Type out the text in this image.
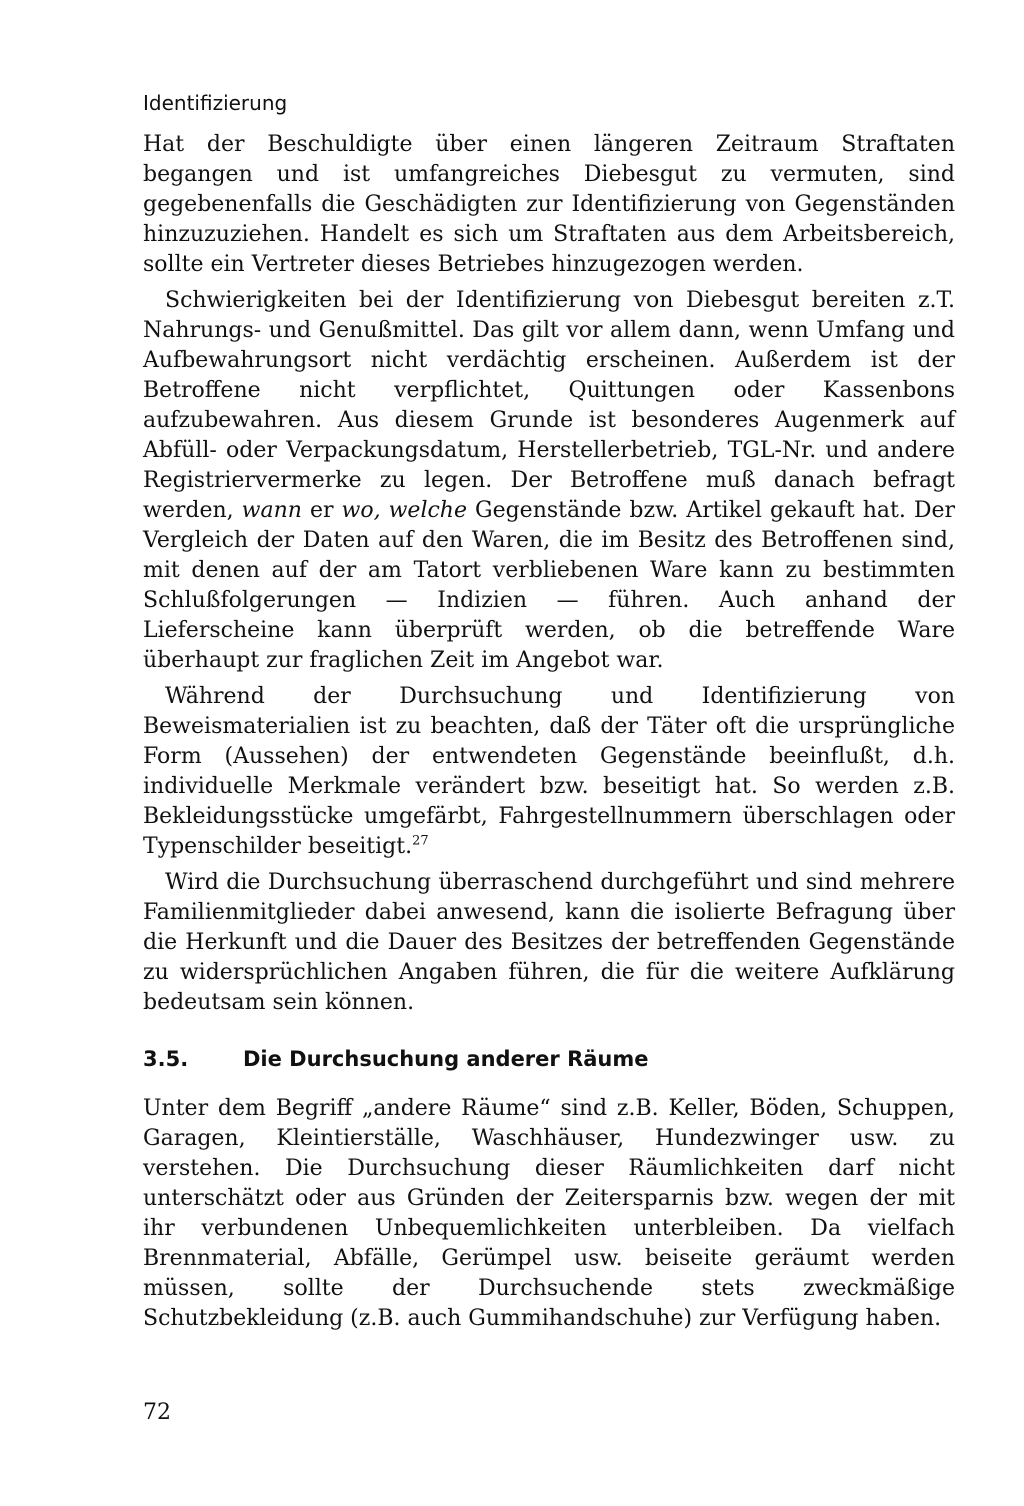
Identifizierung

Hat der Beschuldigte über einen längeren Zeitraum Straftaten begangen und ist umfangreiches Diebesgut zu vermuten, sind gegebenenfalls die Geschädigten zur Identifizierung von Gegenständen hinzuzuziehen. Handelt es sich um Straftaten aus dem Arbeitsbereich, sollte ein Vertreter dieses Betriebes hinzugezogen werden.

Schwierigkeiten bei der Identifizierung von Diebesgut bereiten z.T. Nahrungs- und Genußmittel. Das gilt vor allem dann, wenn Umfang und Aufbewahrungsort nicht verdächtig erscheinen. Außerdem ist der Betroffene nicht verpflichtet, Quittungen oder Kassenbons aufzubewahren. Aus diesem Grunde ist besonderes Augenmerk auf Abfüll- oder Verpackungsdatum, Herstellerbetrieb, TGL-Nr. und andere Registriervermerke zu legen. Der Betroffene muß danach befragt werden, wann er wo, welche Gegenstände bzw. Artikel gekauft hat. Der Vergleich der Daten auf den Waren, die im Besitz des Betroffenen sind, mit denen auf der am Tatort verbliebenen Ware kann zu bestimmten Schlußfolgerungen — Indizien — führen. Auch anhand der Lieferscheine kann überprüft werden, ob die betreffende Ware überhaupt zur fraglichen Zeit im Angebot war.

Während der Durchsuchung und Identifizierung von Beweismaterialien ist zu beachten, daß der Täter oft die ursprüngliche Form (Aussehen) der entwendeten Gegenstände beeinflußt, d.h. individuelle Merkmale verändert bzw. beseitigt hat. So werden z.B. Bekleidungsstücke umgefärbt, Fahrgestellnummern überschlagen oder Typenschilder beseitigt.$^{27}$

Wird die Durchsuchung überraschend durchgeführt und sind mehrere Familienmitglieder dabei anwesend, kann die isolierte Befragung über die Herkunft und die Dauer des Besitzes der betreffenden Gegenstände zu widersprüchlichen Angaben führen, die für die weitere Aufklärung bedeutsam sein können.

3.5.	Die Durchsuchung anderer Räume

Unter dem Begriff „andere Räume“ sind z.B. Keller, Böden, Schuppen, Garagen, Kleintierställe, Waschhäuser, Hundezwinger usw. zu verstehen. Die Durchsuchung dieser Räumlichkeiten darf nicht unterschätzt oder aus Gründen der Zeitersparnis bzw. wegen der mit ihr verbundenen Unbequemlichkeiten unterbleiben. Da vielfach Brennmaterial, Abfälle, Gerümpel usw. beiseite geräumt werden müssen, sollte der Durchsuchende stets zweckmäßige Schutzbekleidung (z.B. auch Gummihandschuhe) zur Verfügung haben.

72
